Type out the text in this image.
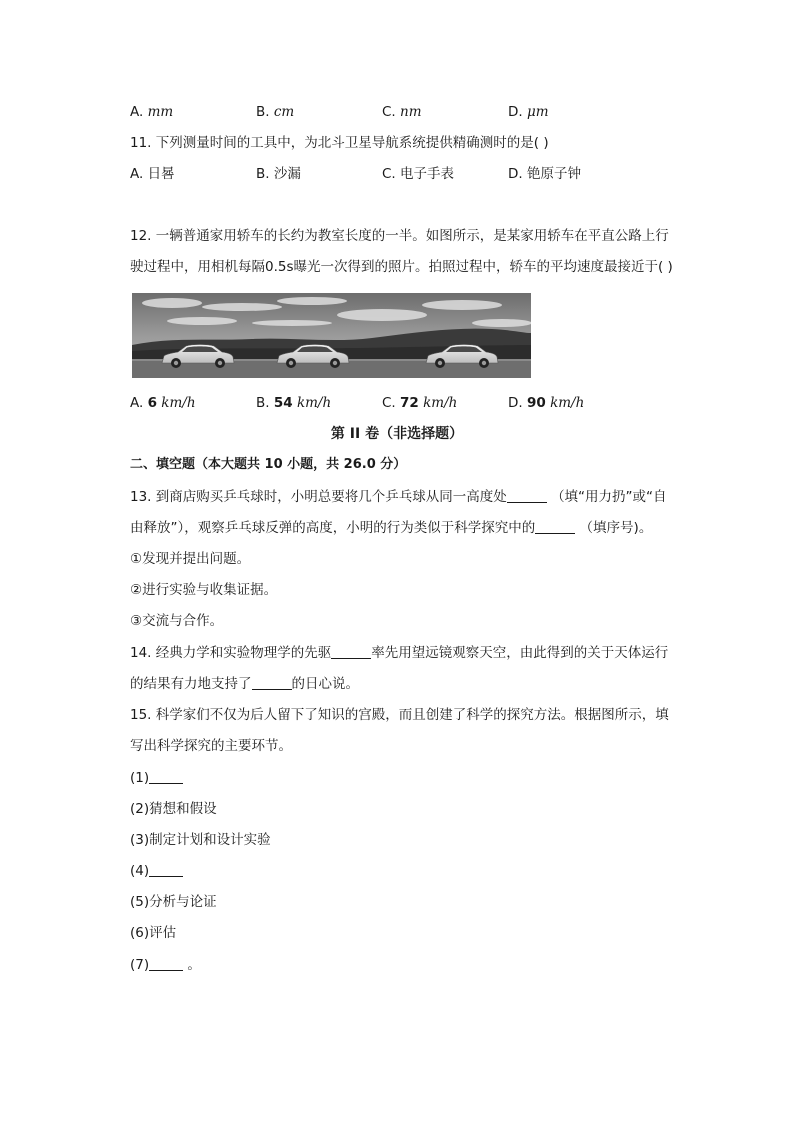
A. mm	B. cm	C. nm	D. μm
11. 下列测量时间的工具中，为北斗卫星导航系统提供精确测时的是( )
A. 日晷	B. 沙漏	C. 电子手表	D. 铯原子钟
12. 一辆普通家用轿车的长约为教室长度的一半。如图所示，是某家用轿车在平直公路上行
驶过程中，用相机每隔0.5s曝光一次得到的照片。拍照过程中，轿车的平均速度最接近于( )
A. 6 km/h	B. 54 km/h	C. 72 km/h	D. 90 km/h
第 II 卷（非选择题）
二、填空题（本大题共 10 小题，共 26.0 分）
13. 到商店购买乒乓球时，小明总要将几个乒乓球从同一高度处	（填“用力扔”或“自
由释放”），观察乒乓球反弹的高度，小明的行为类似于科学探究中的	（填序号)。
①发现并提出问题。
②进行实验与收集证据。
③交流与合作。
14. 经典力学和实验物理学的先驱	率先用望远镜观察天空，由此得到的关于天体运行
的结果有力地支持了	的日心说。
15. 科学家们不仅为后人留下了知识的宫殿，而且创建了科学的探究方法。根据图所示，填
写出科学探究的主要环节。
(1)
(2)猜想和假设
(3)制定计划和设计实验
(4)
(5)分析与论证
(6)评估
(7)	。
